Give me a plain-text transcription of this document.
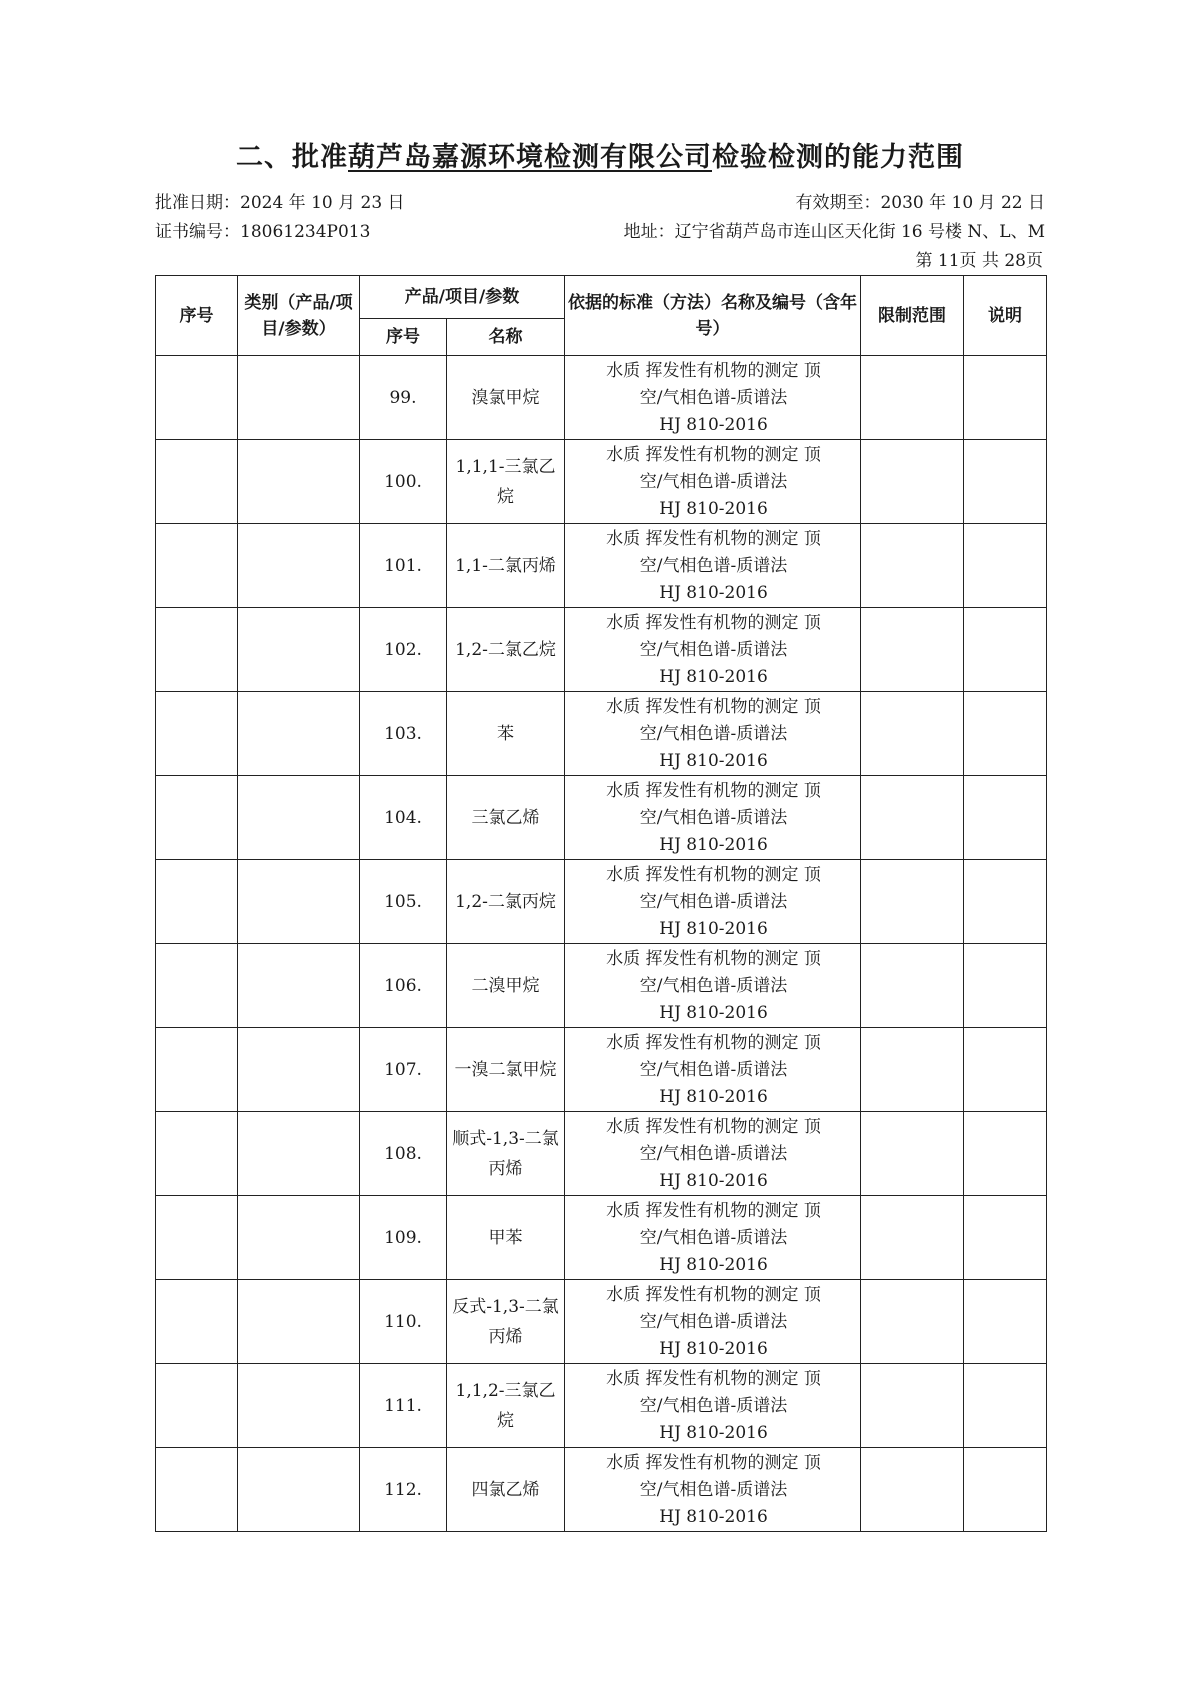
二、批准葫芦岛嘉源环境检测有限公司检验检测的能力范围
批准日期：2024 年 10 月 23 日	有效期至：2030 年 10 月 22 日
证书编号：18061234P013	地址：辽宁省葫芦岛市连山区天化街 16 号楼 N、L、M
第 11页 共 28页
序号	类别（产品/项目/参数）	产品/项目/参数		依据的标准（方法）名称及编号（含年号）	限制范围	说明
		序号	名称			
		99.	溴氯甲烷	水质 挥发性有机物的测定 顶
空/气相色谱-质谱法
HJ 810-2016		

		100.	1,1,1-三氯乙烷	水质 挥发性有机物的测定 顶
空/气相色谱-质谱法
HJ 810-2016		

		101.	1,1-二氯丙烯	水质 挥发性有机物的测定 顶
空/气相色谱-质谱法
HJ 810-2016		

		102.	1,2-二氯乙烷	水质 挥发性有机物的测定 顶
空/气相色谱-质谱法
HJ 810-2016		

		103.	苯	水质 挥发性有机物的测定 顶
空/气相色谱-质谱法
HJ 810-2016		

		104.	三氯乙烯	水质 挥发性有机物的测定 顶
空/气相色谱-质谱法
HJ 810-2016		

		105.	1,2-二氯丙烷	水质 挥发性有机物的测定 顶
空/气相色谱-质谱法
HJ 810-2016		

		106.	二溴甲烷	水质 挥发性有机物的测定 顶
空/气相色谱-质谱法
HJ 810-2016		

		107.	一溴二氯甲烷	水质 挥发性有机物的测定 顶
空/气相色谱-质谱法
HJ 810-2016		

		108.	顺式-1,3-二氯丙烯	水质 挥发性有机物的测定 顶
空/气相色谱-质谱法
HJ 810-2016		

		109.	甲苯	水质 挥发性有机物的测定 顶
空/气相色谱-质谱法
HJ 810-2016		

		110.	反式-1,3-二氯丙烯	水质 挥发性有机物的测定 顶
空/气相色谱-质谱法
HJ 810-2016		

		111.	1,1,2-三氯乙烷	水质 挥发性有机物的测定 顶
空/气相色谱-质谱法
HJ 810-2016		

		112.	四氯乙烯	水质 挥发性有机物的测定 顶
空/气相色谱-质谱法
HJ 810-2016		
